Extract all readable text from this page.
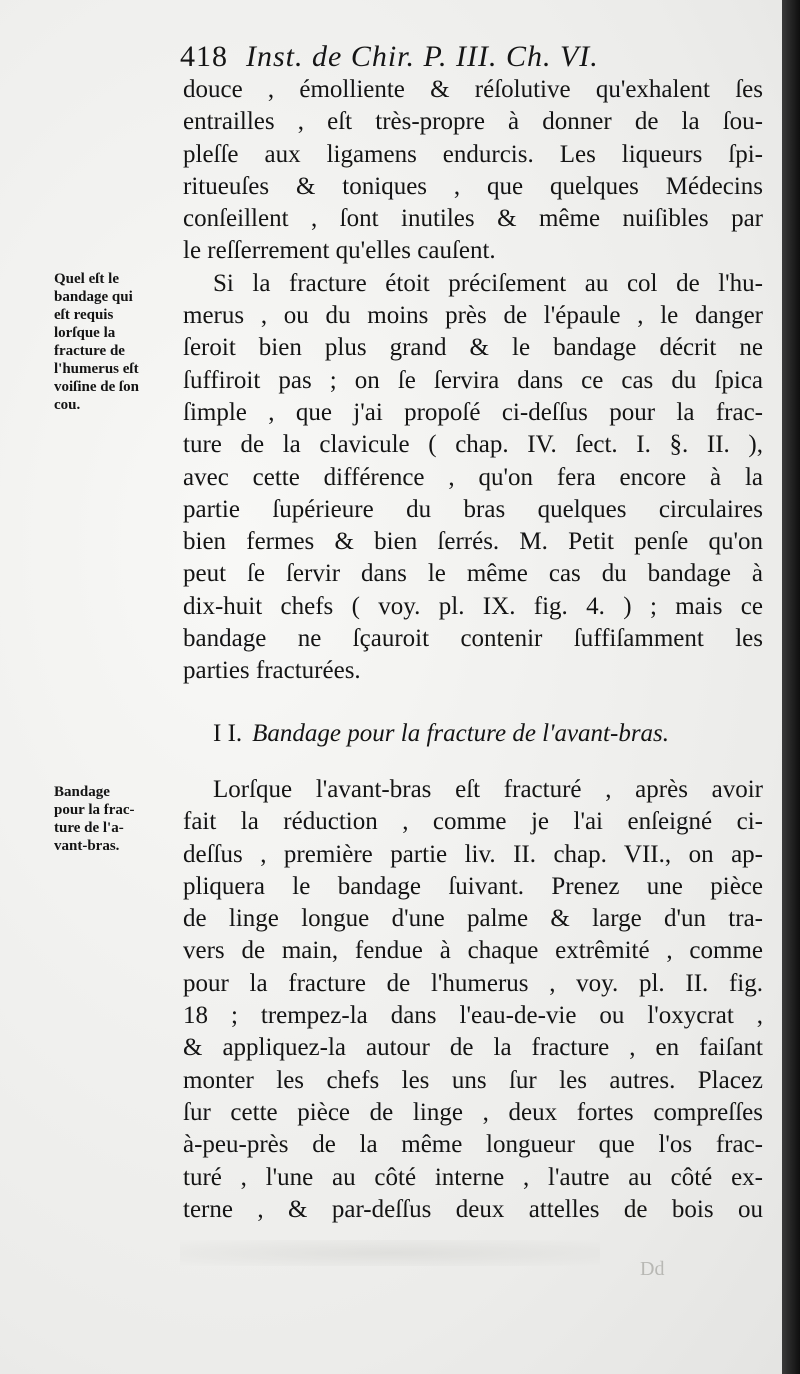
418 Inst. de Chir. P. III. Ch. VI.
Quel eſt le
bandage qui
eſt requis
lorſque la
fracture de
l'humerus eſt
voiſine de ſon
cou.
Bandage
pour la frac-
ture de l'a-
vant-bras.
douce , émolliente & réſolutive qu'exhalent ſes
entrailles , eſt très-propre à donner de la ſou-
pleſſe aux ligamens endurcis. Les liqueurs ſpi-
ritueuſes & toniques , que quelques Médecins
conſeillent , ſont inutiles & même nuiſibles par
le reſſerrement qu'elles cauſent.
Si la fracture étoit préciſement au col de l'hu-
merus , ou du moins près de l'épaule , le danger
ſeroit bien plus grand & le bandage décrit ne
ſuffiroit pas ; on ſe ſervira dans ce cas du ſpica
ſimple , que j'ai propoſé ci-deſſus pour la frac-
ture de la clavicule ( chap. IV. ſect. I. §. II. ),
avec cette différence , qu'on fera encore à la
partie ſupérieure du bras quelques circulaires
bien fermes & bien ſerrés. M. Petit penſe qu'on
peut ſe ſervir dans le même cas du bandage à
dix-huit chefs ( voy. pl. IX. fig. 4. ) ; mais ce
bandage ne ſçauroit contenir ſuffiſamment les
parties fracturées.
I I. Bandage pour la fracture de l'avant-bras.
Lorſque l'avant-bras eſt fracturé , après avoir
fait la réduction , comme je l'ai enſeigné ci-
deſſus , première partie liv. II. chap. VII., on ap-
pliquera le bandage ſuivant. Prenez une pièce
de linge longue d'une palme & large d'un tra-
vers de main, fendue à chaque extrêmité , comme
pour la fracture de l'humerus , voy. pl. II. fig.
18 ; trempez-la dans l'eau-de-vie ou l'oxycrat ,
& appliquez-la autour de la fracture , en faiſant
monter les chefs les uns ſur les autres. Placez
ſur cette pièce de linge , deux fortes compreſſes
à-peu-près de la même longueur que l'os frac-
turé , l'une au côté interne , l'autre au côté ex-
terne , & par-deſſus deux attelles de bois ou
Dd
